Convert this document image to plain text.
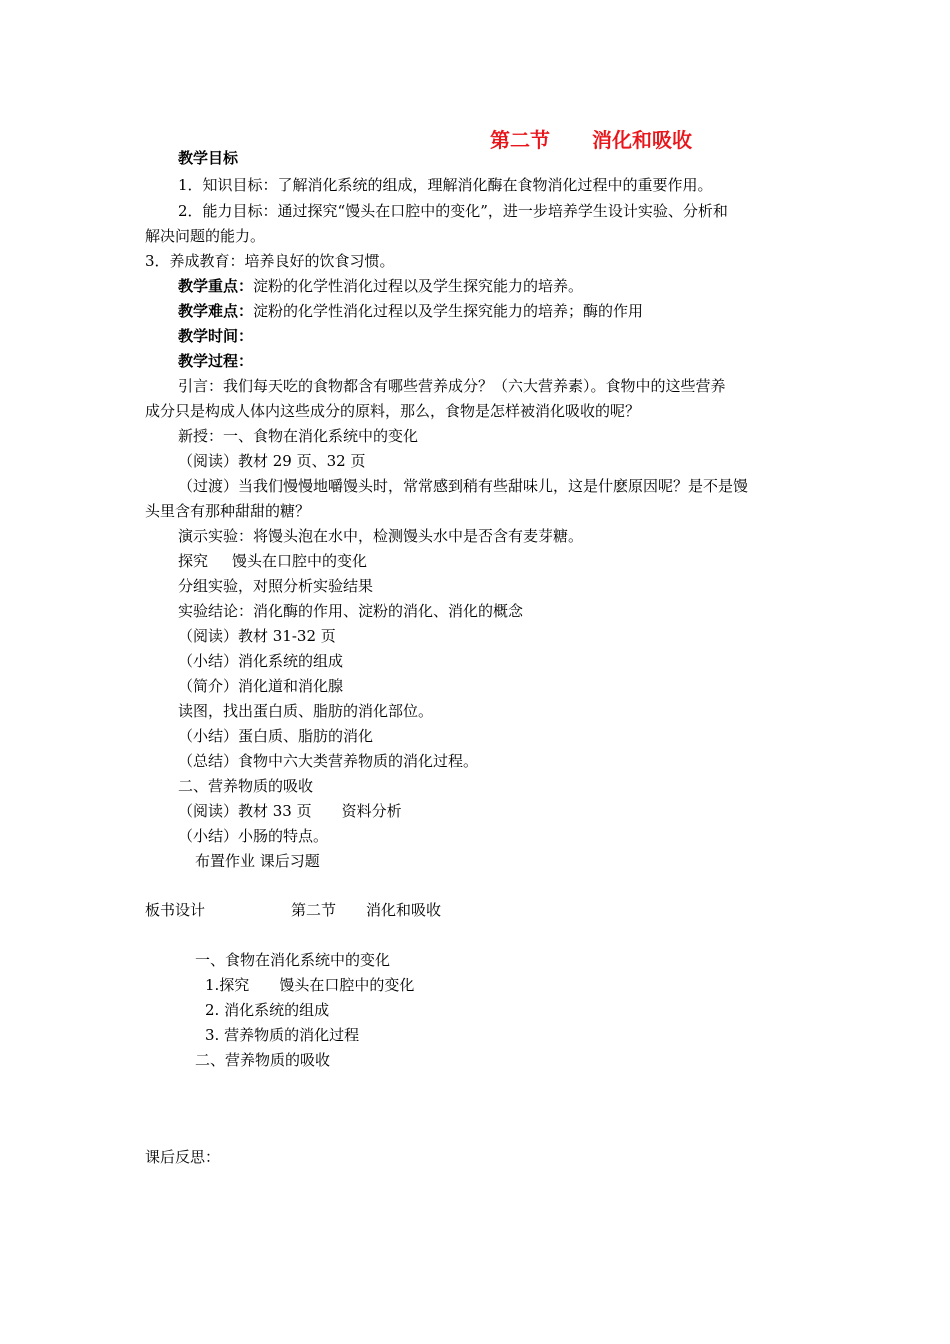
第二节 消化和吸收
教学目标
1．知识目标：了解消化系统的组成，理解消化酶在食物消化过程中的重要作用。
2．能力目标：通过探究“馒头在口腔中的变化”，进一步培养学生设计实验、分析和
解决问题的能力。
3．养成教育：培养良好的饮食习惯。
教学重点：淀粉的化学性消化过程以及学生探究能力的培养。
教学难点：淀粉的化学性消化过程以及学生探究能力的培养；酶的作用
教学时间：
教学过程：
引言：我们每天吃的食物都含有哪些营养成分？（六大营养素）。食物中的这些营养
成分只是构成人体内这些成分的原料，那么，食物是怎样被消化吸收的呢？
新授：一、食物在消化系统中的变化
（阅读）教材 29 页、32 页
（过渡）当我们慢慢地嚼馒头时，常常感到稍有些甜味儿，这是什麽原因呢？是不是馒
头里含有那种甜甜的糖？
演示实验：将馒头泡在水中，检测馒头水中是否含有麦芽糖。
探究 馒头在口腔中的变化
分组实验，对照分析实验结果
实验结论：消化酶的作用、淀粉的消化、消化的概念
（阅读）教材 31-32 页
（小结）消化系统的组成
（简介）消化道和消化腺
读图，找出蛋白质、脂肪的消化部位。
（小结）蛋白质、脂肪的消化
（总结）食物中六大类营养物质的消化过程。
二、营养物质的吸收
（阅读）教材 33 页 资料分析
（小结）小肠的特点。
布置作业 课后习题
板书设计	第二节 消化和吸收
一、食物在消化系统中的变化
1.探究 馒头在口腔中的变化
2. 消化系统的组成
3. 营养物质的消化过程
二、营养物质的吸收
课后反思：
